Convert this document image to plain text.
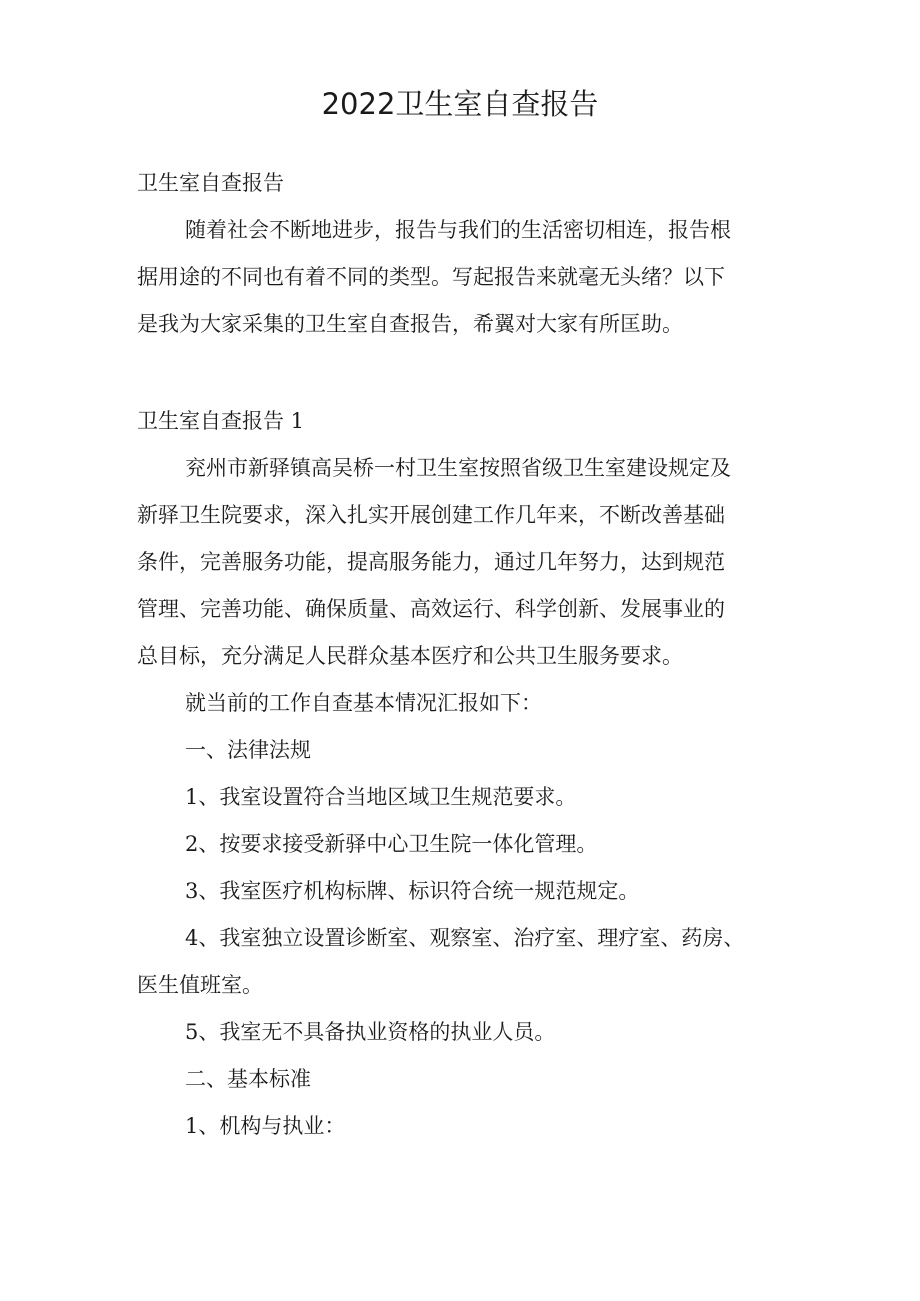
2022卫生室自查报告

卫生室自查报告

随着社会不断地进步，报告与我们的生活密切相连，报告根

据用途的不同也有着不同的类型。写起报告来就毫无头绪？以下

是我为大家采集的卫生室自查报告，希翼对大家有所匡助。

卫生室自查报告 1

兖州市新驿镇高吴桥一村卫生室按照省级卫生室建设规定及

新驿卫生院要求，深入扎实开展创建工作几年来，不断改善基础

条件，完善服务功能，提高服务能力，通过几年努力，达到规范

管理、完善功能、确保质量、高效运行、科学创新、发展事业的

总目标，充分满足人民群众基本医疗和公共卫生服务要求。

就当前的工作自查基本情况汇报如下：

一、法律法规

1、我室设置符合当地区域卫生规范要求。

2、按要求接受新驿中心卫生院一体化管理。

3、我室医疗机构标牌、标识符合统一规范规定。

4、我室独立设置诊断室、观察室、治疗室、理疗室、药房、

医生值班室。

5、我室无不具备执业资格的执业人员。

二、基本标准

1、机构与执业：
